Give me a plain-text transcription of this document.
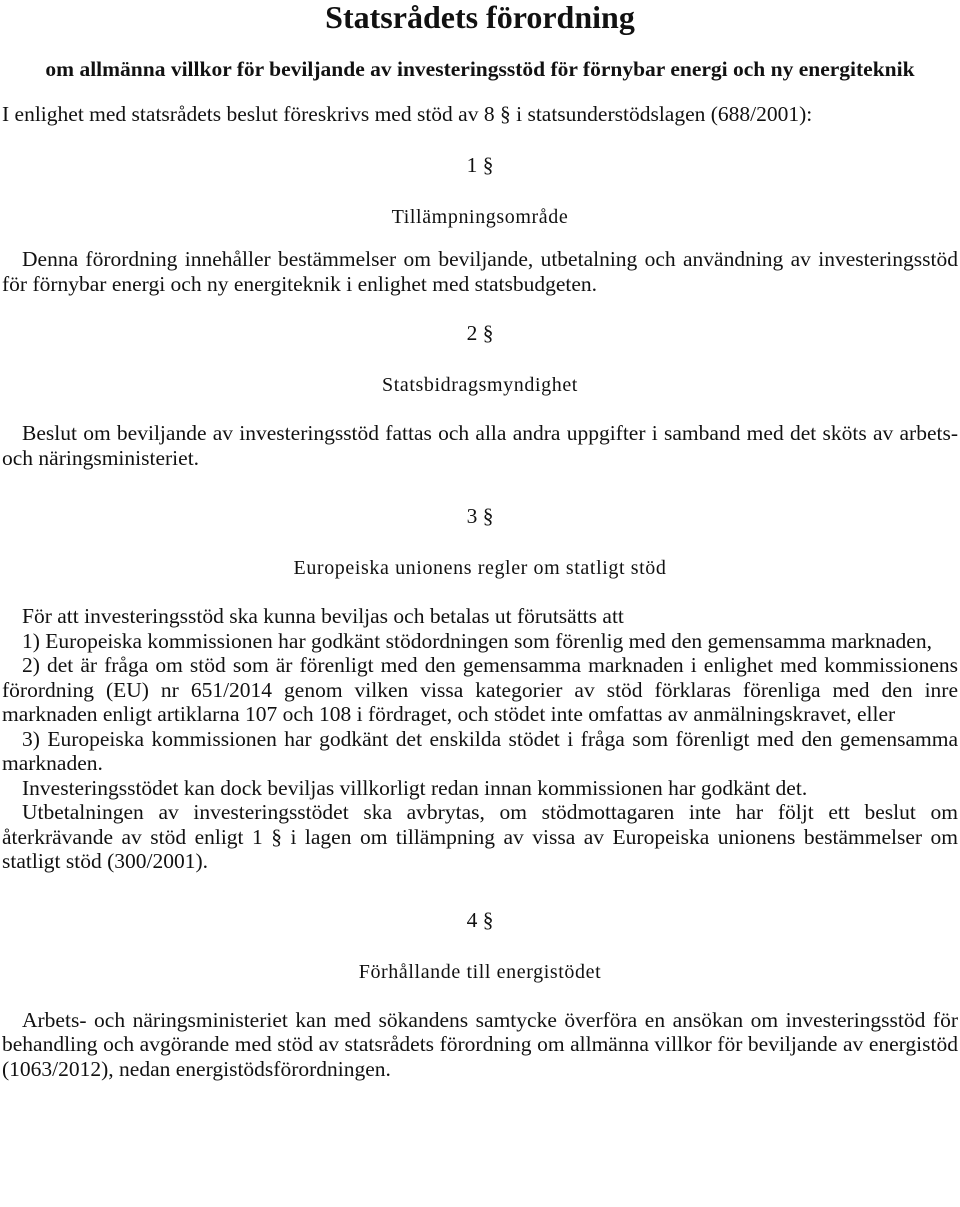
Statsrådets förordning
om allmänna villkor för beviljande av investeringsstöd för förnybar energi och ny energiteknik

I enlighet med statsrådets beslut föreskrivs med stöd av 8 § i statsunderstödslagen (688/2001):

1 §
Tillämpningsområde

Denna förordning innehåller bestämmelser om beviljande, utbetalning och användning av investeringsstöd för förnybar energi och ny energiteknik i enlighet med statsbudgeten.

2 §
Statsbidragsmyndighet

Beslut om beviljande av investeringsstöd fattas och alla andra uppgifter i samband med det sköts av arbets- och näringsministeriet.

3 §
Europeiska unionens regler om statligt stöd

För att investeringsstöd ska kunna beviljas och betalas ut förutsätts att

1) Europeiska kommissionen har godkänt stödordningen som förenlig med den gemensamma marknaden,

2) det är fråga om stöd som är förenligt med den gemensamma marknaden i enlighet med kommissionens förordning (EU) nr 651/2014 genom vilken vissa kategorier av stöd förklaras förenliga med den inre marknaden enligt artiklarna 107 och 108 i fördraget, och stödet inte omfattas av anmälningskravet, eller

3) Europeiska kommissionen har godkänt det enskilda stödet i fråga som förenligt med den gemensamma marknaden.

Investeringsstödet kan dock beviljas villkorligt redan innan kommissionen har godkänt det.

Utbetalningen av investeringsstödet ska avbrytas, om stödmottagaren inte har följt ett beslut om återkrävande av stöd enligt 1 § i lagen om tillämpning av vissa av Europeiska unionens bestämmelser om statligt stöd (300/2001).

4 §
Förhållande till energistödet

Arbets- och näringsministeriet kan med sökandens samtycke överföra en ansökan om investeringsstöd för behandling och avgörande med stöd av statsrådets förordning om allmänna villkor för beviljande av energistöd (1063/2012), nedan energistödsförordningen.
